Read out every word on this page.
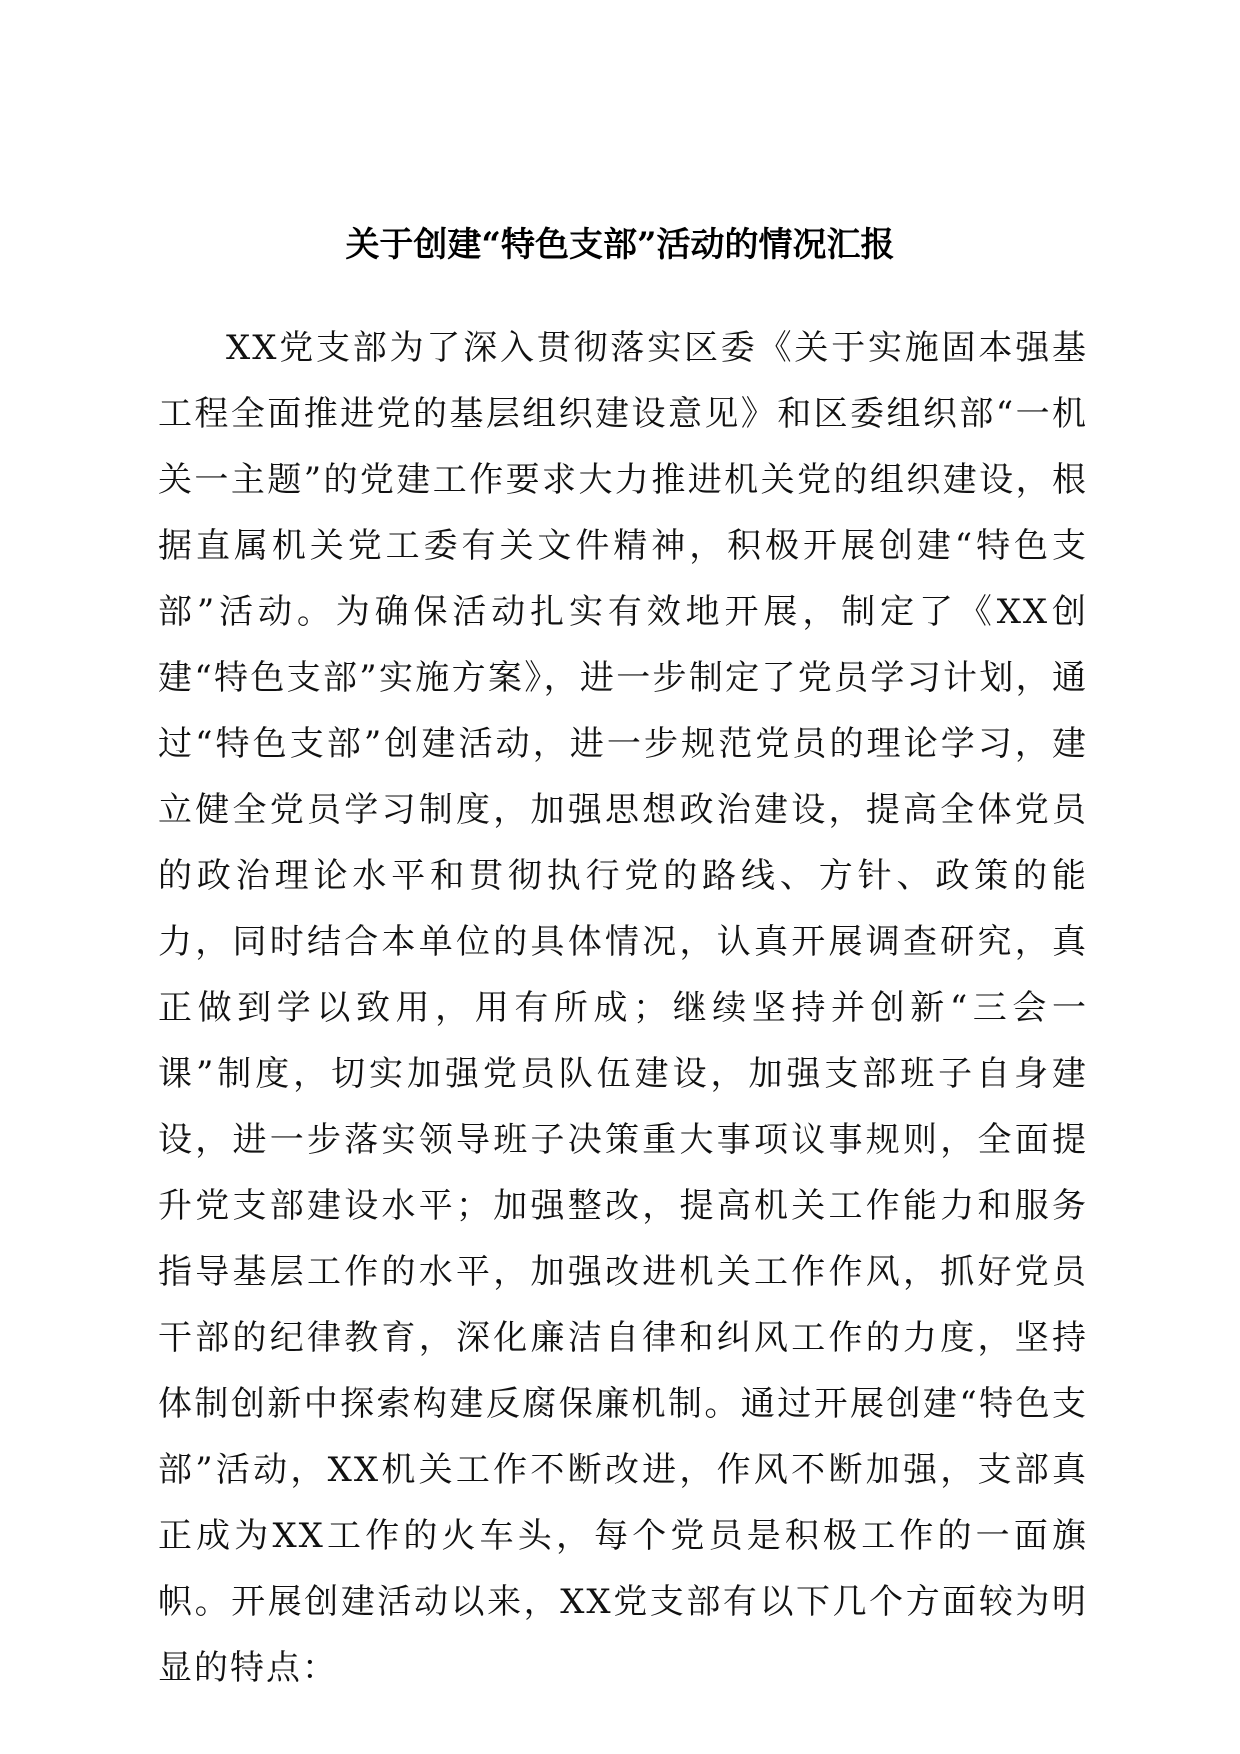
关于创建“特色支部”活动的情况汇报

XX党支部为了深入贯彻落实区委《关于实施固本强基工程全面推进党的基层组织建设意见》和区委组织部“一机关一主题”的党建工作要求大力推进机关党的组织建设，根据直属机关党工委有关文件精神，积极开展创建“特色支部”活动。为确保活动扎实有效地开展，制定了《XX创建“特色支部”实施方案》，进一步制定了党员学习计划，通过“特色支部”创建活动，进一步规范党员的理论学习，建立健全党员学习制度，加强思想政治建设，提高全体党员的政治理论水平和贯彻执行党的路线、方针、政策的能力，同时结合本单位的具体情况，认真开展调查研究，真正做到学以致用，用有所成；继续坚持并创新“三会一课”制度，切实加强党员队伍建设，加强支部班子自身建设，进一步落实领导班子决策重大事项议事规则，全面提升党支部建设水平；加强整改，提高机关工作能力和服务指导基层工作的水平，加强改进机关工作作风，抓好党员干部的纪律教育，深化廉洁自律和纠风工作的力度，坚持体制创新中探索构建反腐保廉机制。通过开展创建“特色支部”活动，XX机关工作不断改进，作风不断加强，支部真正成为XX工作的火车头，每个党员是积极工作的一面旗帜。开展创建活动以来，XX党支部有以下几个方面较为明显的特点：
